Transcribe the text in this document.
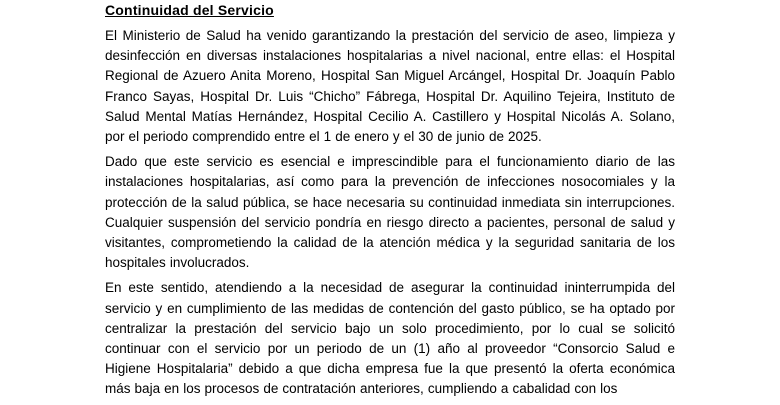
Continuidad del Servicio

El Ministerio de Salud ha venido garantizando la prestación del servicio de aseo, limpieza y desinfección en diversas instalaciones hospitalarias a nivel nacional, entre ellas: el Hospital Regional de Azuero Anita Moreno, Hospital San Miguel Arcángel, Hospital Dr. Joaquín Pablo Franco Sayas, Hospital Dr. Luis “Chicho” Fábrega, Hospital Dr. Aquilino Tejeira, Instituto de Salud Mental Matías Hernández, Hospital Cecilio A. Castillero y Hospital Nicolás A. Solano, por el periodo comprendido entre el 1 de enero y el 30 de junio de 2025.

Dado que este servicio es esencial e imprescindible para el funcionamiento diario de las instalaciones hospitalarias, así como para la prevención de infecciones nosocomiales y la protección de la salud pública, se hace necesaria su continuidad inmediata sin interrupciones. Cualquier suspensión del servicio pondría en riesgo directo a pacientes, personal de salud y visitantes, comprometiendo la calidad de la atención médica y la seguridad sanitaria de los hospitales involucrados.

En este sentido, atendiendo a la necesidad de asegurar la continuidad ininterrumpida del servicio y en cumplimiento de las medidas de contención del gasto público, se ha optado por centralizar la prestación del servicio bajo un solo procedimiento, por lo cual se solicitó continuar con el servicio por un periodo de un (1) año al proveedor “Consorcio Salud e Higiene Hospitalaria” debido a que dicha empresa fue la que presentó la oferta económica más baja en los procesos de contratación anteriores, cumpliendo a cabalidad con los
